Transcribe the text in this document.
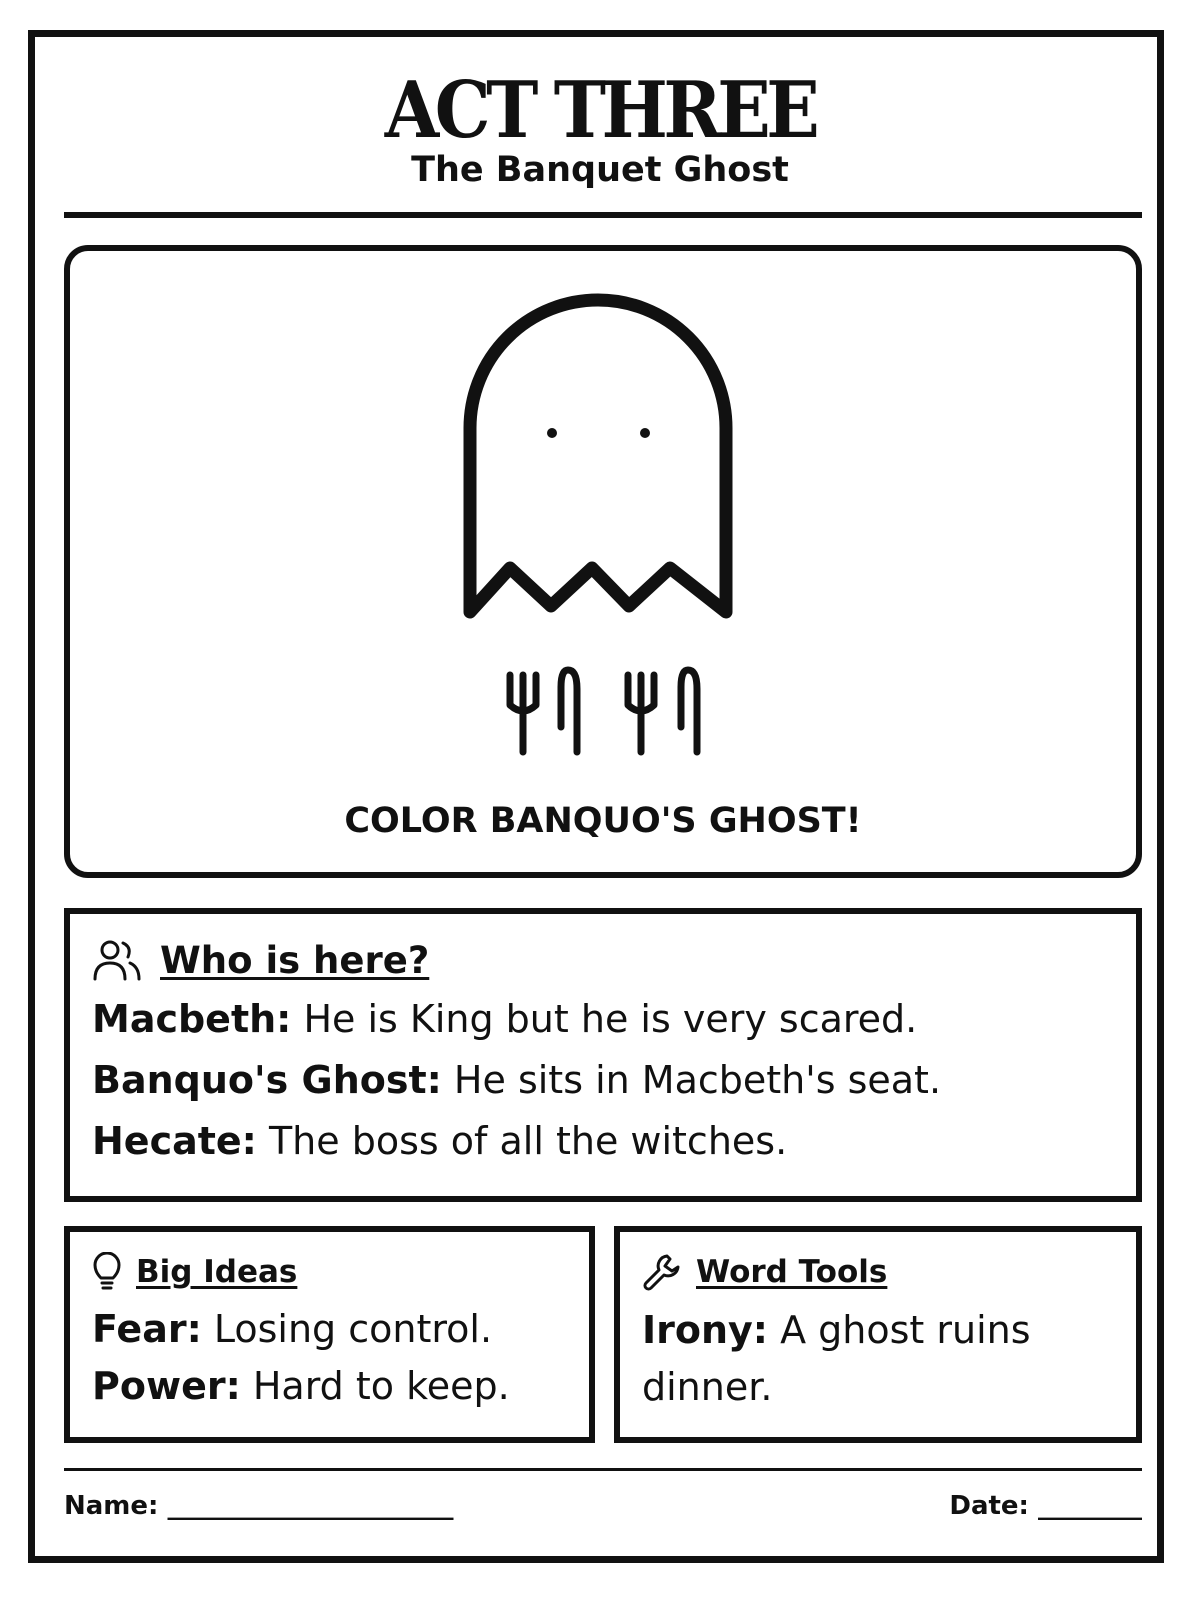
ACT THREE
The Banquet Ghost
COLOR BANQUO'S GHOST!
Who is here?
Macbeth: He is King but he is very scared.
Banquo's Ghost: He sits in Macbeth's seat.
Hecate: The boss of all the witches.
Big Ideas
Fear: Losing control.
Power: Hard to keep.
Word Tools
Irony: A ghost ruins dinner.
Name: ______________________	Date: ________
